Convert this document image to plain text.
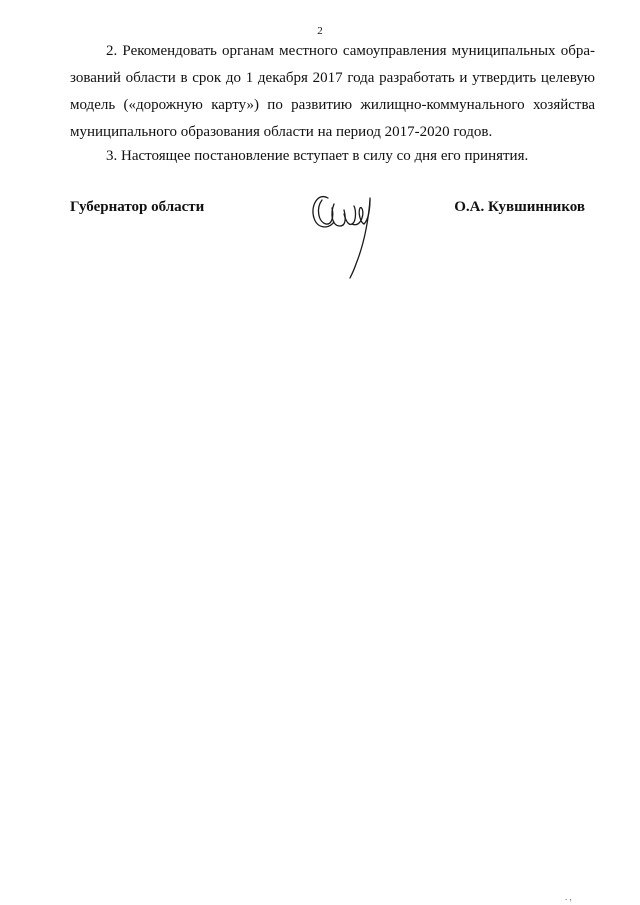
2
2. Рекомендовать органам местного самоуправления муниципальных обра-
зований области в срок до 1 декабря 2017 года разработать и утвердить целевую
модель («дорожную карту») по развитию жилищно-коммунального хозяйства
муниципального образования области на период 2017-2020 годов.
3. Настоящее постановление вступает в силу со дня его принятия.
Губернатор области	О.А. Кувшинников
. ,
